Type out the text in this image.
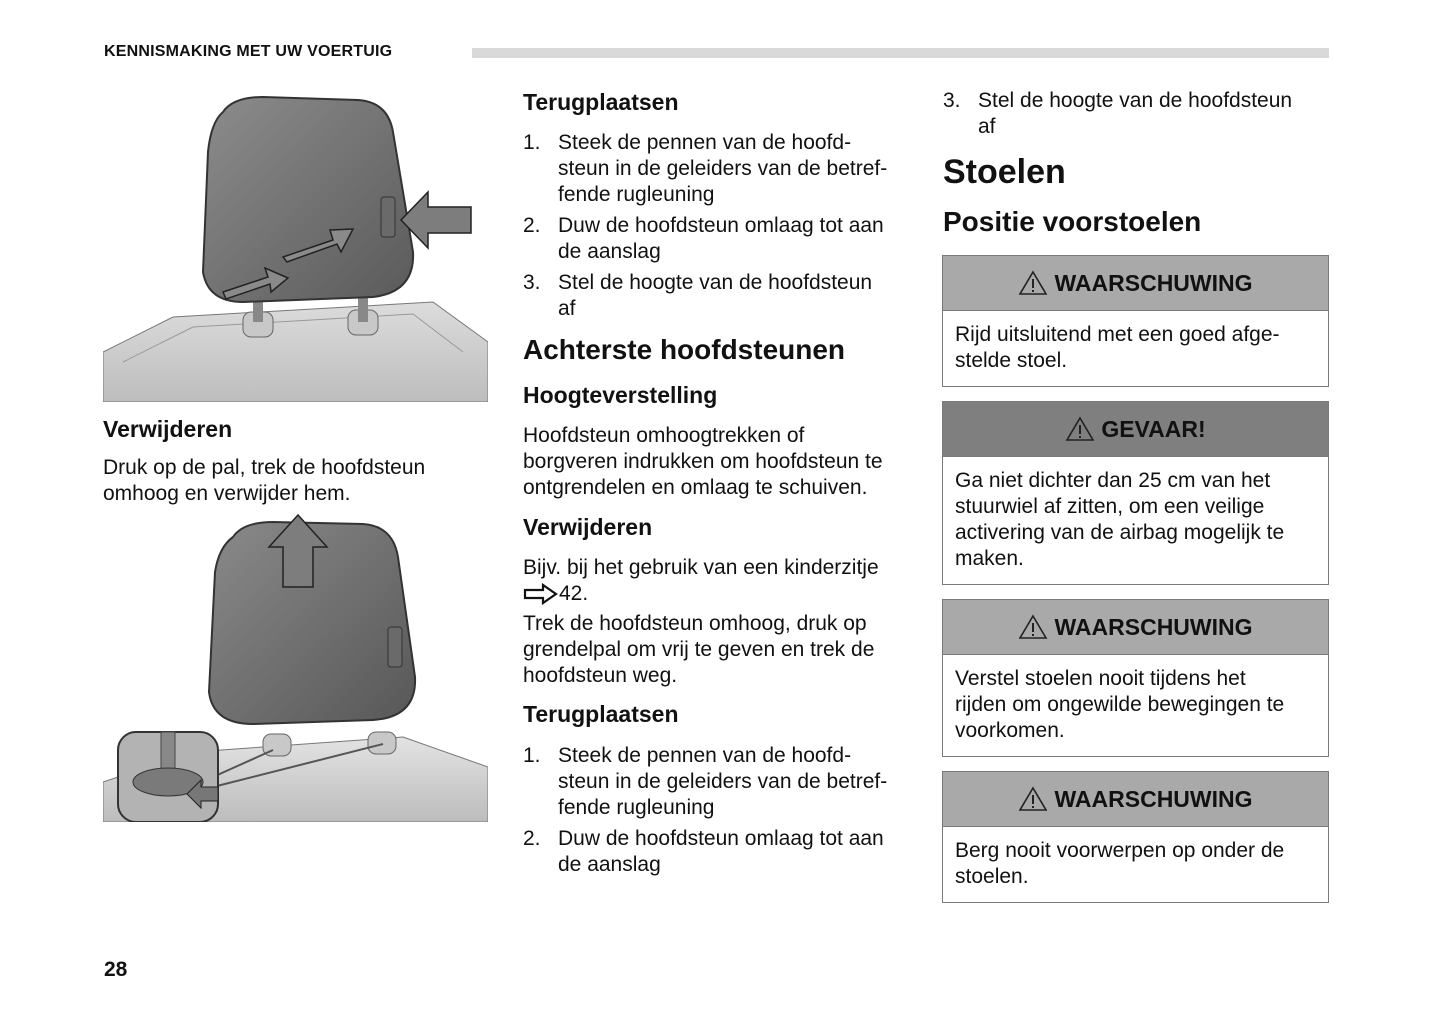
KENNISMAKING MET UW VOERTUIG
Verwijderen

Druk op de pal, trek de hoofdsteun

omhoog en verwijder hem.

Terugplaatsen
1. Steek de pennen van de hoofd-
steun in de geleiders van de betref-
fende rugleuning
2. Duw de hoofdsteun omlaag tot aan
de aanslag
3. Stel de hoogte van de hoofdsteun
af
Achterste hoofdsteunen
Hoogteverstelling

Hoofdsteun omhoogtrekken of

borgveren indrukken om hoofdsteun te

ontgrendelen en omlaag te schuiven.

Verwijderen

Bijv. bij het gebruik van een kinderzitje

42.

Trek de hoofdsteun omhoog, druk op

grendelpal om vrij te geven en trek de

hoofdsteun weg.

Terugplaatsen
1. Steek de pennen van de hoofd-
steun in de geleiders van de betref-
fende rugleuning
2. Duw de hoofdsteun omlaag tot aan
de aanslag
3. Stel de hoogte van de hoofdsteun
af
Stoelen
Positie voorstoelen
WAARSCHUWING
Rijd uitsluitend met een goed afge-
stelde stoel.
GEVAAR!
Ga niet dichter dan 25 cm van het
stuurwiel af zitten, om een veilige
activering van de airbag mogelijk te
maken.
WAARSCHUWING
Verstel stoelen nooit tijdens het
rijden om ongewilde bewegingen te
voorkomen.
WAARSCHUWING
Berg nooit voorwerpen op onder de
stoelen.
28
